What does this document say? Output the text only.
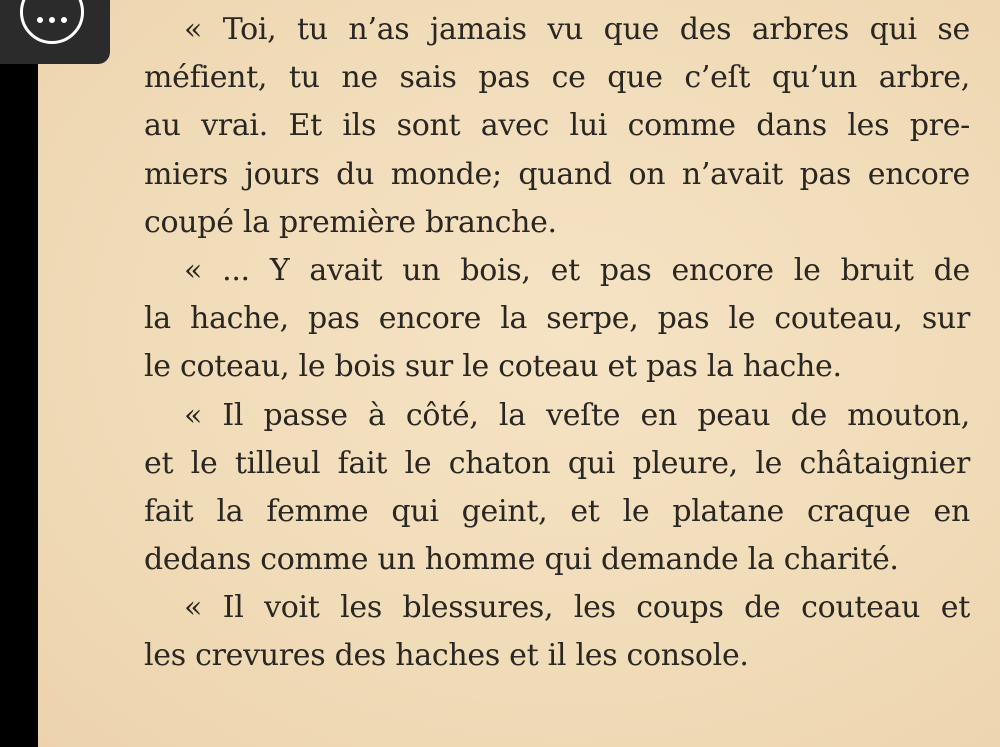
« Toi, tu n’as jamais vu que des arbres qui se
méfient, tu ne sais pas ce que c’eſt qu’un arbre,
au vrai. Et ils sont avec lui comme dans les pre-
miers jours du monde; quand on n’avait pas encore
coupé la première branche.
« ... Y avait un bois, et pas encore le bruit de
la hache, pas encore la serpe, pas le couteau, sur
le coteau, le bois sur le coteau et pas la hache.
« Il passe à côté, la veſte en peau de mouton,
et le tilleul fait le chaton qui pleure, le châtaignier
fait la femme qui geint, et le platane craque en
dedans comme un homme qui demande la charité.
« Il voit les blessures, les coups de couteau et
les crevures des haches et il les console.
